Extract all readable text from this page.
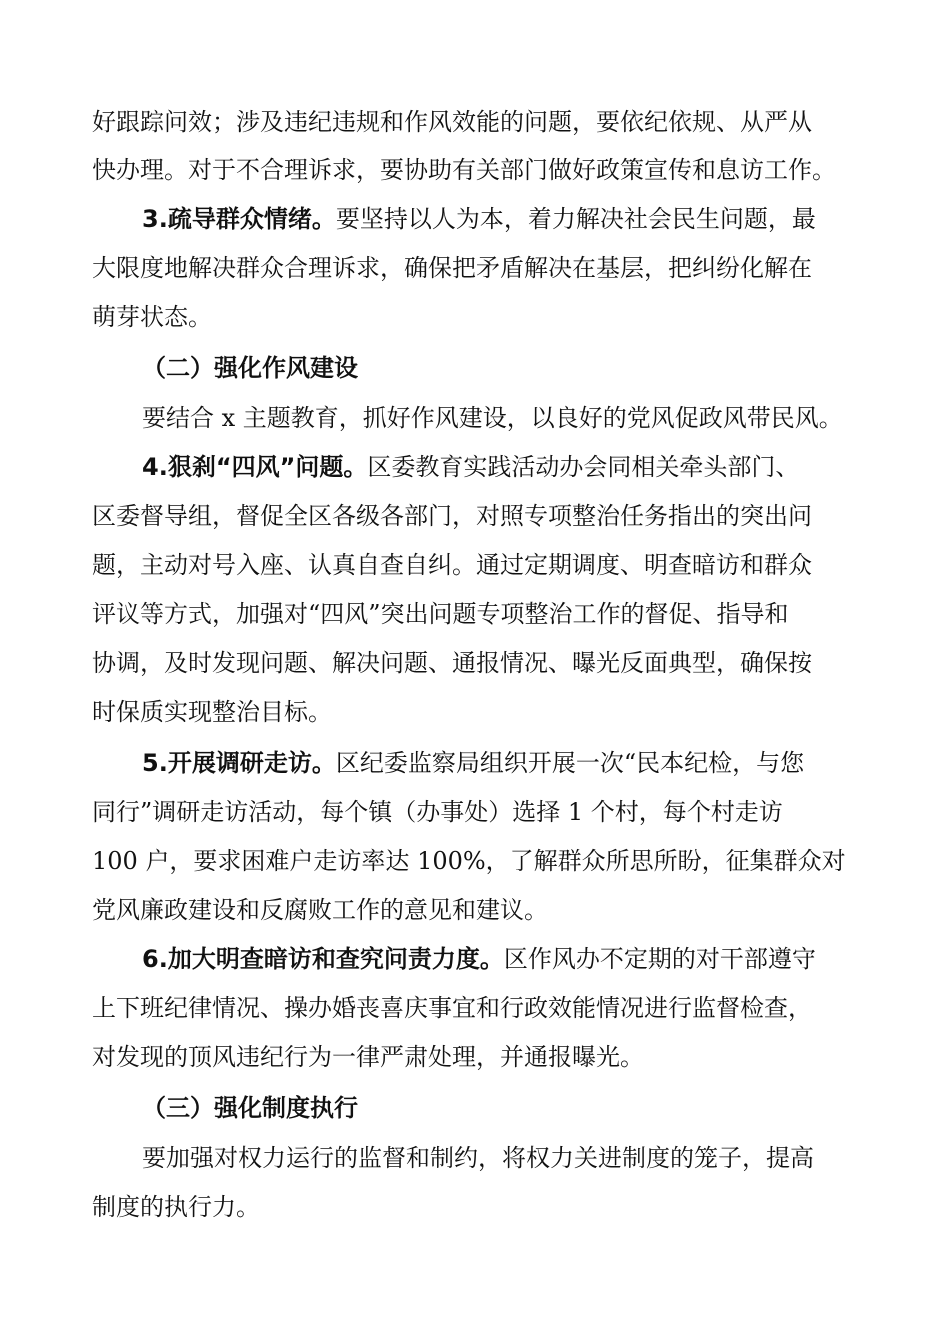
好跟踪问效；涉及违纪违规和作风效能的问题，要依纪依规、从严从
快办理。对于不合理诉求，要协助有关部门做好政策宣传和息访工作。
3.疏导群众情绪。要坚持以人为本，着力解决社会民生问题，最
大限度地解决群众合理诉求，确保把矛盾解决在基层，把纠纷化解在
萌芽状态。
（二）强化作风建设
要结合 x 主题教育，抓好作风建设，以良好的党风促政风带民风。
4.狠刹“四风”问题。区委教育实践活动办会同相关牵头部门、
区委督导组，督促全区各级各部门，对照专项整治任务指出的突出问
题，主动对号入座、认真自查自纠。通过定期调度、明查暗访和群众
评议等方式，加强对“四风”突出问题专项整治工作的督促、指导和
协调，及时发现问题、解决问题、通报情况、曝光反面典型，确保按
时保质实现整治目标。
5.开展调研走访。区纪委监察局组织开展一次“民本纪检，与您
同行”调研走访活动，每个镇（办事处）选择 1 个村，每个村走访
100 户，要求困难户走访率达 100%，了解群众所思所盼，征集群众对
党风廉政建设和反腐败工作的意见和建议。
6.加大明查暗访和查究问责力度。区作风办不定期的对干部遵守
上下班纪律情况、操办婚丧喜庆事宜和行政效能情况进行监督检查，
对发现的顶风违纪行为一律严肃处理，并通报曝光。
（三）强化制度执行
要加强对权力运行的监督和制约，将权力关进制度的笼子，提高
制度的执行力。
